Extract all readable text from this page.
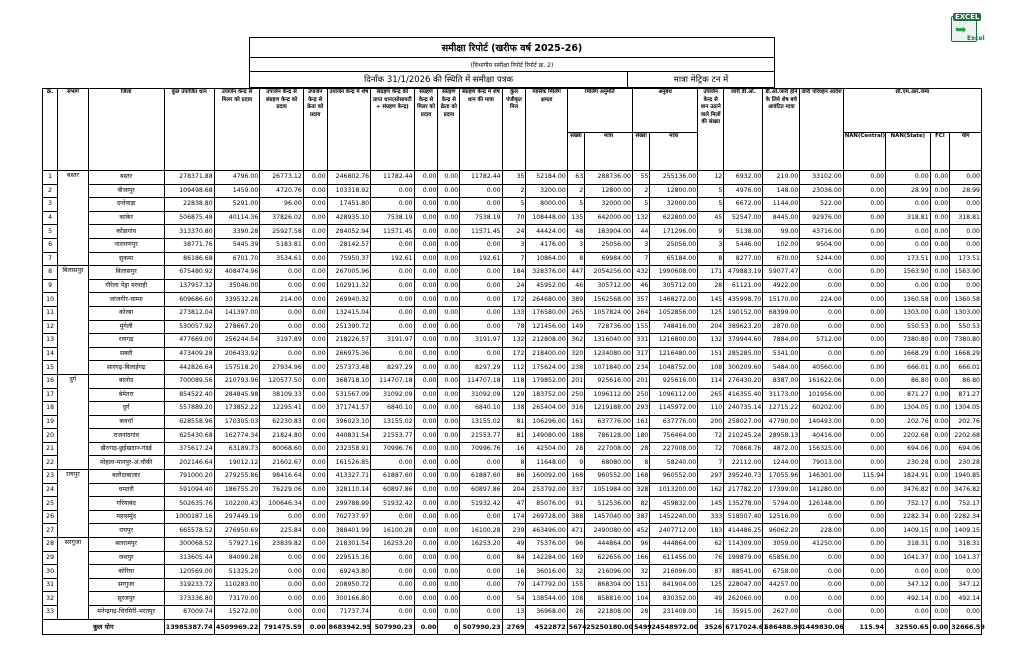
EXCEL
➥
Excel
समीक्षा रिपोर्ट (खरीफ वर्ष 2025-26)
(विभागीय समीक्षा रिपोर्ट रिपोर्ट क्र. 2)
दिनाँक 31/1/2026 की स्थिति में समीक्षा पत्रक	मात्रा मेट्रिक टन में
क्र.	संभाग	जिला	कुल उपार्जित धान	उपार्जन केन्द्र से मिलर को प्रदाय	उपार्जन केन्द्र से संग्रहण केन्द्र को प्रदाय	उपार्जन केन्द्र से क्रेता को प्रदाय	उपार्जन केन्द्र में शेष	संग्रहण केन्द्र को प्राप्त धान(सोसायटी + संग्रहण केन्द्र)	संग्रहण केन्द्र से मिलर को प्रदाय	संग्रहण केन्द्र से क्रेता को प्रदाय	संग्रहण केन्द्र में शेष धान की मात्रा	कुल पंजीकृत मिल	मासिक मिलिंग क्षमता	मिलिंग अनुमति		अनुबंध		उपार्जन केन्द्र से धान उठाने वाले मिलों की संख्या	जारी डी.ओ.	डी.ओ.जारी होने के लिये शेष बचे आवंटित मात्रा	जारी परिवहन आदेश	सी.एम.आर.जमा			
														संख्या	मात्रा	संख्या	मात्रा					NAN(Central)	NAN(State)	FCI	योग
1	बस्तर	बस्तर	278371.88	4796.00	26773.12	0.00	246802.76	11782.44	0.00	0.00	11782.44	35	52184.00	63	288736.00	55	255136.00	12	6932.00	210.00	33102.00	0.00	0.00	0.00	0.00
2		बीजापुर	109498.68	1459.00	4720.76	0.00	103318.92	0.00	0.00	0.00	0.00	2	3200.00	2	12800.00	2	12800.00	5	4976.00	148.00	23036.00	0.00	28.99	0.00	28.99
3		दन्तेवाड़ा	22838.80	5291.00	96.00	0.00	17451.80	0.00	0.00	0.00	0.00	5	8000.00	5	32000.00	5	32000.00	5	6672.00	1144.00	522.00	0.00	0.00	0.00	0.00
4		कांकेर	506875.48	40114.36	37826.02	0.00	428935.10	7538.19	0.00	0.00	7538.19	70	108448.00	135	642000.00	132	622800.00	45	52547.00	8445.00	92976.00	0.00	318.81	0.00	318.81
5		कोंडागांव	313370.80	3390.28	25927.58	0.00	284052.94	11571.45	0.00	0.00	11571.45	24	44424.00	48	183904.00	44	171296.00	9	5138.00	99.00	43716.00	0.00	0.00	0.00	0.00
6		नारायणपुर	38771.76	5445.39	5183.81	0.00	28142.57	0.00	0.00	0.00	0.00	3	4176.00	3	25056.00	3	25056.00	3	5446.00	102.00	9504.00	0.00	0.00	0.00	0.00
7		सुकमा	86186.68	6701.70	3534.61	0.00	75950.37	192.61	0.00	0.00	192.61	7	10864.00	8	69984.00	7	65184.00	8	8277.00	670.00	5244.00	0.00	173.51	0.00	173.51
8	बिलासपुर	बिलासपुर	675480.92	408474.96	0.00	0.00	267005.96	0.00	0.00	0.00	0.00	184	328376.00	447	2054256.00	432	1990608.00	171	479883.19	59077.47	0.00	0.00	1563.90	0.00	1563.90
9		गौरेला पेंड्रा मरवाही	137957.32	35046.00	0.00	0.00	102911.32	0.00	0.00	0.00	0.00	24	45952.00	46	305712.00	46	305712.00	28	61121.00	4922.00	0.00	0.00	0.00	0.00	0.00
10		जांजगीर-चाम्पा	609686.60	339532.28	214.00	0.00	269940.32	0.00	0.00	0.00	0.00	172	264680.00	389	1562568.00	357	1468272.00	145	435998.70	15170.00	224.00	0.00	1360.58	0.00	1360.58
11		कोरबा	273812.04	141397.00	0.00	0.00	132415.04	0.00	0.00	0.00	0.00	133	176580.00	265	1057824.00	264	1052856.00	125	190152.00	68399.00	0.00	0.00	1303.00	0.00	1303.00
12		मुंगेली	530057.92	278667.20	0.00	0.00	251390.72	0.00	0.00	0.00	0.00	78	121456.00	149	728736.00	155	748416.00	204	389623.20	2870.00	0.00	0.00	550.53	0.00	550.53
13		रायगढ़	477669.00	256244.54	3197.89	0.00	218226.57	3191.97	0.00	0.00	3191.97	132	212808.00	362	1316040.00	331	1216800.00	132	379944.60	7884.00	5712.00	0.00	7380.80	0.00	7380.80
14		सक्ती	473409.28	206433.92	0.00	0.00	266975.36	0.00	0.00	0.00	0.00	172	218400.00	320	1234080.00	317	1216480.00	151	285285.00	5341.00	0.00	0.00	1668.29	0.00	1668.29
15		सारंगढ़-बिलाईगढ़	442826.64	157518.20	27934.96	0.00	257373.48	8297.29	0.00	0.00	8297.29	112	175624.00	238	1071840.00	234	1048752.00	108	300209.60	5484.00	40560.00	0.00	666.01	0.00	666.01
16	दुर्ग	बालोद	700089.56	210793.96	120577.50	0.00	368718.10	114707.18	0.00	0.00	114707.18	118	179852.00	201	925616.00	201	925616.00	114	276430.20	8387.00	161622.06	0.00	86.80	0.00	86.80
17		बेमेतरा	854522.40	284845.98	38109.33	0.00	531567.09	31092.09	0.00	0.00	31092.09	129	183752.00	250	1096112.00	250	1096112.00	265	416355.40	31173.00	101956.00	0.00	871.27	0.00	871.27
18		दुर्ग	557889.20	173852.22	12295.41	0.00	371741.57	6840.10	0.00	0.00	6840.10	138	265404.00	316	1219188.00	293	1145972.00	110	240735.14	12715.22	60202.00	0.00	1304.05	0.00	1304.05
19		कवर्धा	628558.96	170305.03	62230.83	0.00	396023.10	13155.02	0.00	0.00	13155.02	81	106296.00	161	637776.00	161	637776.00	200	258027.00	47790.00	140493.00	0.00	202.76	0.00	202.76
20		राजनांदगांव	625430.68	162774.34	21824.80	0.00	440831.54	21553.77	0.00	0.00	21553.77	81	149080.00	188	786128.00	180	756464.00	72	210245.24	28958.13	40416.00	0.00	2202.68	0.00	2202.68
21		खैरागढ़-छुईखदान-गंडई	375617.24	63189.73	80068.60	0.00	232358.91	70996.76	0.00	0.00	70996.76	16	42504.00	28	227008.00	28	227008.00	72	70868.76	4872.00	156325.00	0.00	694.06	0.00	694.06
22		मोहला-मानपुर-अं.चौकी	202146.64	19012.12	21602.67	0.00	161526.85	0.00	0.00	0.00	0.00	8	11648.00	9	68080.00	8	58240.00	7	22112.00	1244.00	79013.00	0.00	230.28	0.00	230.28
23	रायपुर	बलौदाबाजार	791000.20	279255.86	98416.64	0.00	413327.71	61887.60	0.00	0.00	61887.60	86	160092.00	168	960552.00	168	960552.00	297	395240.73	17055.96	146301.00	115.94	1824.91	0.00	1940.85
24		धमतरी	591094.40	186755.20	76229.06	0.00	328110.14	60897.86	0.00	0.00	60897.86	204	253792.00	337	1051984.00	328	1013200.00	162	217782.20	17399.00	141280.00	0.00	3476.82	0.00	3476.82
25		गरियाबंद	502635.76	102200.43	100646.34	0.00	299788.99	51932.42	0.00	0.00	51932.42	47	85076.00	91	512536.00	82	459832.00	145	135278.00	5794.00	126148.00	0.00	752.17	0.00	752.17
26		महासमुंद	1000187.16	297449.19	0.00	0.00	702737.97	0.00	0.00	0.00	0.00	174	269728.00	388	1457040.00	387	1452240.00	333	518507.40	12516.00	0.00	0.00	2282.34	0.00	2282.34
27		रायपुर	665578.52	276950.69	225.84	0.00	388401.99	16100.28	0.00	0.00	16100.28	239	463496.00	471	2490080.00	452	2407712.00	183	414486.25	96062.20	228.00	0.00	1409.15	0.00	1409.15
28	सरगुजा	बलरामपुर	300068.52	57927.16	23839.82	0.00	218301.54	16253.20	0.00	0.00	16253.20	49	75376.00	96	444864.00	96	444864.00	62	114309.00	3059.00	41250.00	0.00	318.31	0.00	318.31
29		जशपुर	313605.44	84090.28	0.00	0.00	229515.16	0.00	0.00	0.00	0.00	84	142284.00	169	622656.00	166	611456.00	76	199879.00	65856.00	0.00	0.00	1041.37	0.00	1041.37
30		कोरिया	120569.00	51325.20	0.00	0.00	69243.80	0.00	0.00	0.00	0.00	16	36016.00	32	216096.00	32	216096.00	87	88541.00	6758.00	0.00	0.00	0.00	0.00	0.00
31		सरगुजा	319233.72	110283.00	0.00	0.00	208950.72	0.00	0.00	0.00	0.00	79	147792.00	155	868304.00	151	841904.00	125	228047.00	44257.00	0.00	0.00	347.12	0.00	347.12
32		सूरजपुर	373336.80	73170.00	0.00	0.00	300166.80	0.00	0.00	0.00	0.00	54	138544.00	108	858816.00	104	830352.00	49	262060.00	0.00	0.00	0.00	492.14	0.00	492.14
33		मनेन्द्रगढ़-चिरमिरी-भरतपुर	87009.74	15272.00	0.00	0.00	71737.74	0.00	0.00	0.00	0.00	13	36968.00	26	221808.00	28	231408.00	16	35915.00	2627.00	0.00	0.00	0.00	0.00	0.00
कुल योग			13985387.74	4509969.22	791475.59	0.00	8683942.95	507990.23	0.00	0	507990.23	2769	4522872	5674	25250180.00	5499	24548972.00	3526	6717024.61	586488.98	1449830.06	115.94	32550.65	0.00	32666.59
